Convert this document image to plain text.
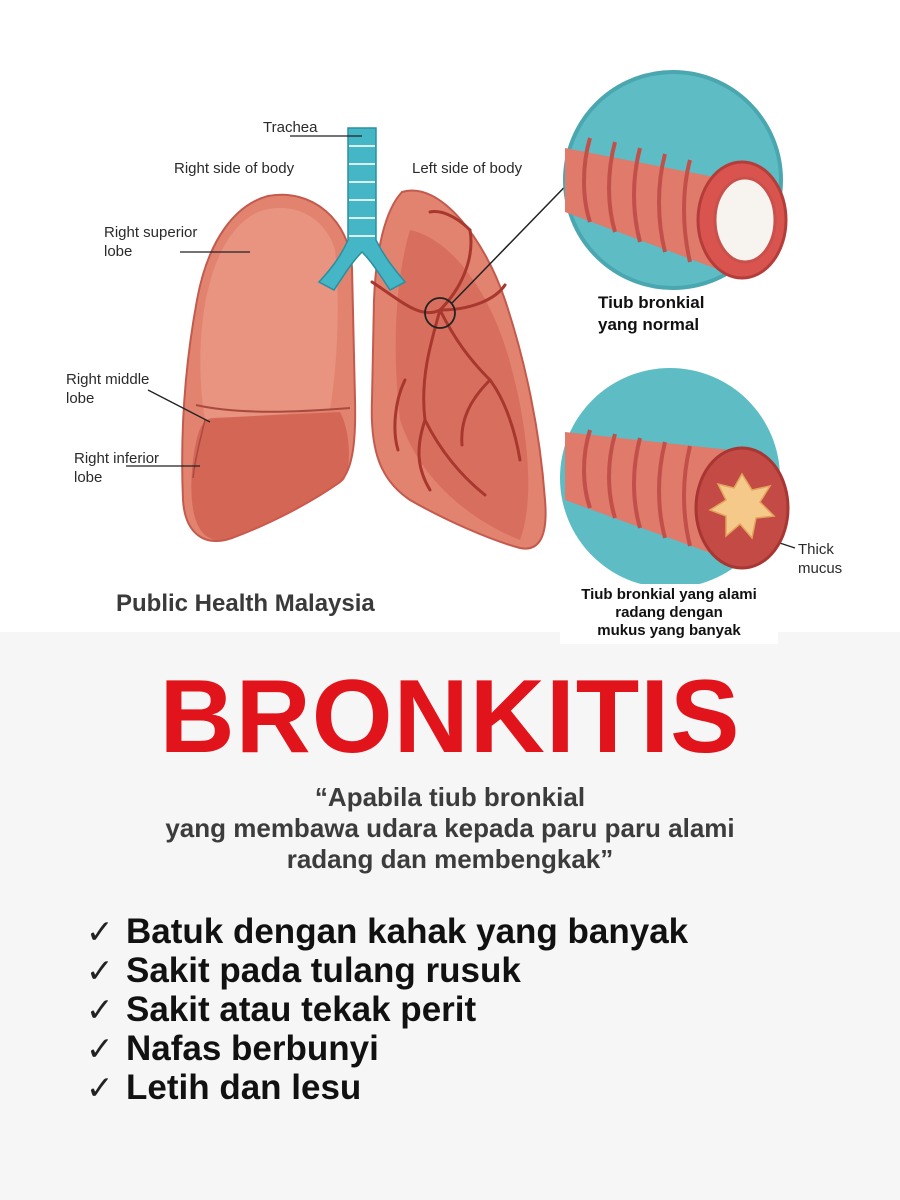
Trachea
Right side of body	Left side of body
Right superior
lobe
Right middle
lobe
Right inferior
lobe
Tiub bronkial
yang normal
Thick
mucus
Tiub bronkial yang alami
radang dengan
mukus yang banyak
Public Health Malaysia
BRONKITIS
“Apabila tiub bronkial
yang membawa udara kepada paru paru alami
radang dan membengkak”
✓ Batuk dengan kahak yang banyak
✓ Sakit pada tulang rusuk
✓ Sakit atau tekak perit
✓ Nafas berbunyi
✓ Letih dan lesu
